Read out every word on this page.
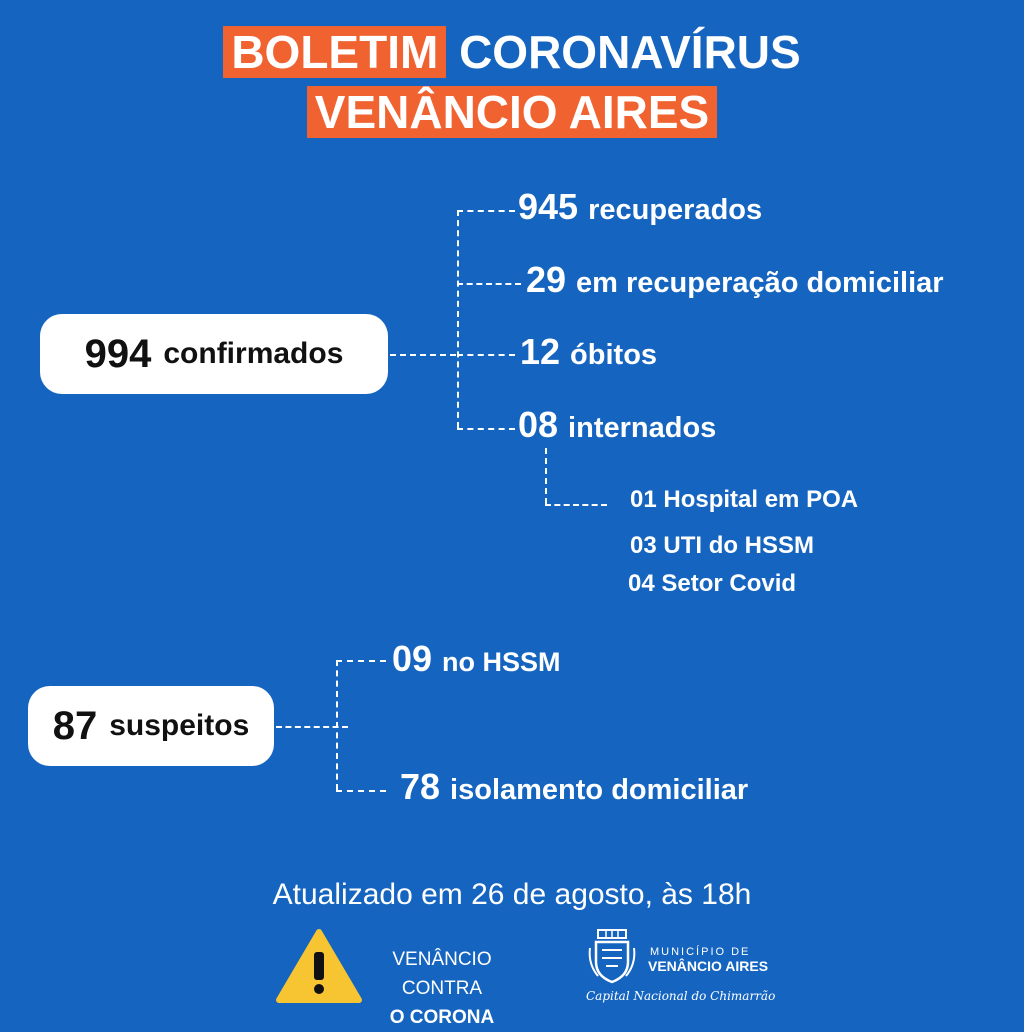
BOLETIM CORONAVÍRUS
VENÂNCIO AIRES
994 confirmados
945 recuperados
29 em recuperação domiciliar
12 óbitos
08 internados
01 Hospital em POA
03 UTI do HSSM
04 Setor Covid
87 suspeitos
09 no HSSM
78 isolamento domiciliar
Atualizado em 26 de agosto, às 18h
VENÂNCIO CONTRA
O CORONA
MUNICÍPIO DE
VENÂNCIO AIRES
Capital Nacional do Chimarrão
